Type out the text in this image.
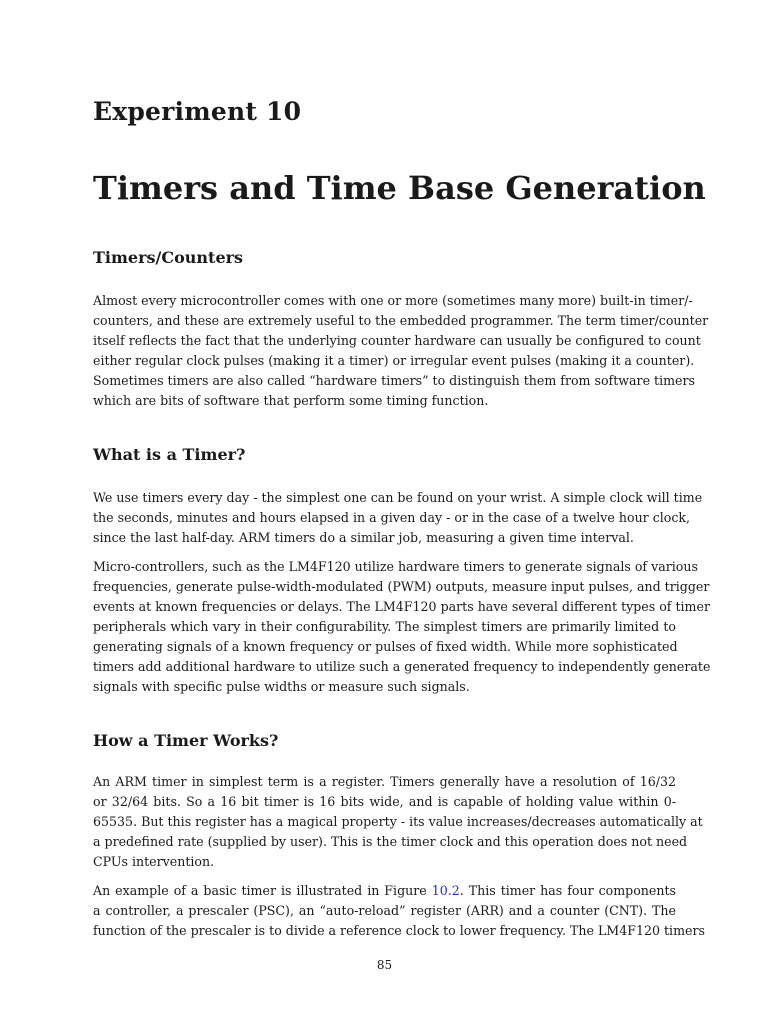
Experiment 10
Timers and Time Base Generation
Timers/Counters
Almost every microcontroller comes with one or more (sometimes many more) built-in timer/-
counters, and these are extremely useful to the embedded programmer. The term timer/counter
itself reflects the fact that the underlying counter hardware can usually be configured to count
either regular clock pulses (making it a timer) or irregular event pulses (making it a counter).
Sometimes timers are also called “hardware timers” to distinguish them from software timers
which are bits of software that perform some timing function.
What is a Timer?
We use timers every day - the simplest one can be found on your wrist. A simple clock will time
the seconds, minutes and hours elapsed in a given day - or in the case of a twelve hour clock,
since the last half-day. ARM timers do a similar job, measuring a given time interval.
Micro-controllers, such as the LM4F120 utilize hardware timers to generate signals of various
frequencies, generate pulse-width-modulated (PWM) outputs, measure input pulses, and trigger
events at known frequencies or delays. The LM4F120 parts have several different types of timer
peripherals which vary in their configurability. The simplest timers are primarily limited to
generating signals of a known frequency or pulses of fixed width. While more sophisticated
timers add additional hardware to utilize such a generated frequency to independently generate
signals with specific pulse widths or measure such signals.
How a Timer Works?
An ARM timer in simplest term is a register. Timers generally have a resolution of 16/32
or 32/64 bits. So a 16 bit timer is 16 bits wide, and is capable of holding value within 0-
65535. But this register has a magical property - its value increases/decreases automatically at
a predefined rate (supplied by user). This is the timer clock and this operation does not need
CPUs intervention.
An example of a basic timer is illustrated in Figure 10.2. This timer has four components
a controller, a prescaler (PSC), an “auto-reload” register (ARR) and a counter (CNT). The
function of the prescaler is to divide a reference clock to lower frequency. The LM4F120 timers

85
